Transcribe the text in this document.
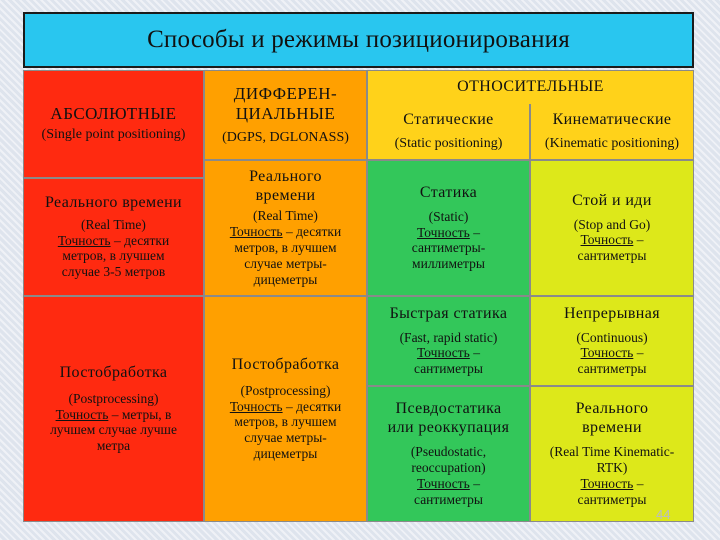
Способы и режимы позиционирования
АБСОЛЮТНЫЕ
(Single point positioning)
Реального времени
(Real Time)
Точность – десятки
метров, в лучшем
случае 3-5 метров
Постобработка
(Postprocessing)
Точность – метры, в
лучшем случае лучше
метра
ДИФФЕРЕН-
ЦИАЛЬНЫЕ
(DGPS, DGLONASS)
Реального
времени
(Real Time)
Точность – десятки
метров, в лучшем
случае метры-
дицеметры
Постобработка
(Postprocessing)
Точность – десятки
метров, в лучшем
случае метры-
дицеметры
ОТНОСИТЕЛЬНЫЕ
Статические
(Static positioning)
Кинематические
(Kinematic positioning)
Статика
(Static)
Точность –
сантиметры-
миллиметры
Быстрая статика
(Fast, rapid static)
Точность –
сантиметры
Псевдостатика
или реоккупация
(Pseudostatic,
reoccupation)
Точность –
сантиметры
Стой и иди
(Stop and Go)
Точность –
сантиметры
Непрерывная
(Continuous)
Точность –
сантиметры
Реального
времени
(Real Time Kinematic-
RTK)
Точность –
сантиметры
44
